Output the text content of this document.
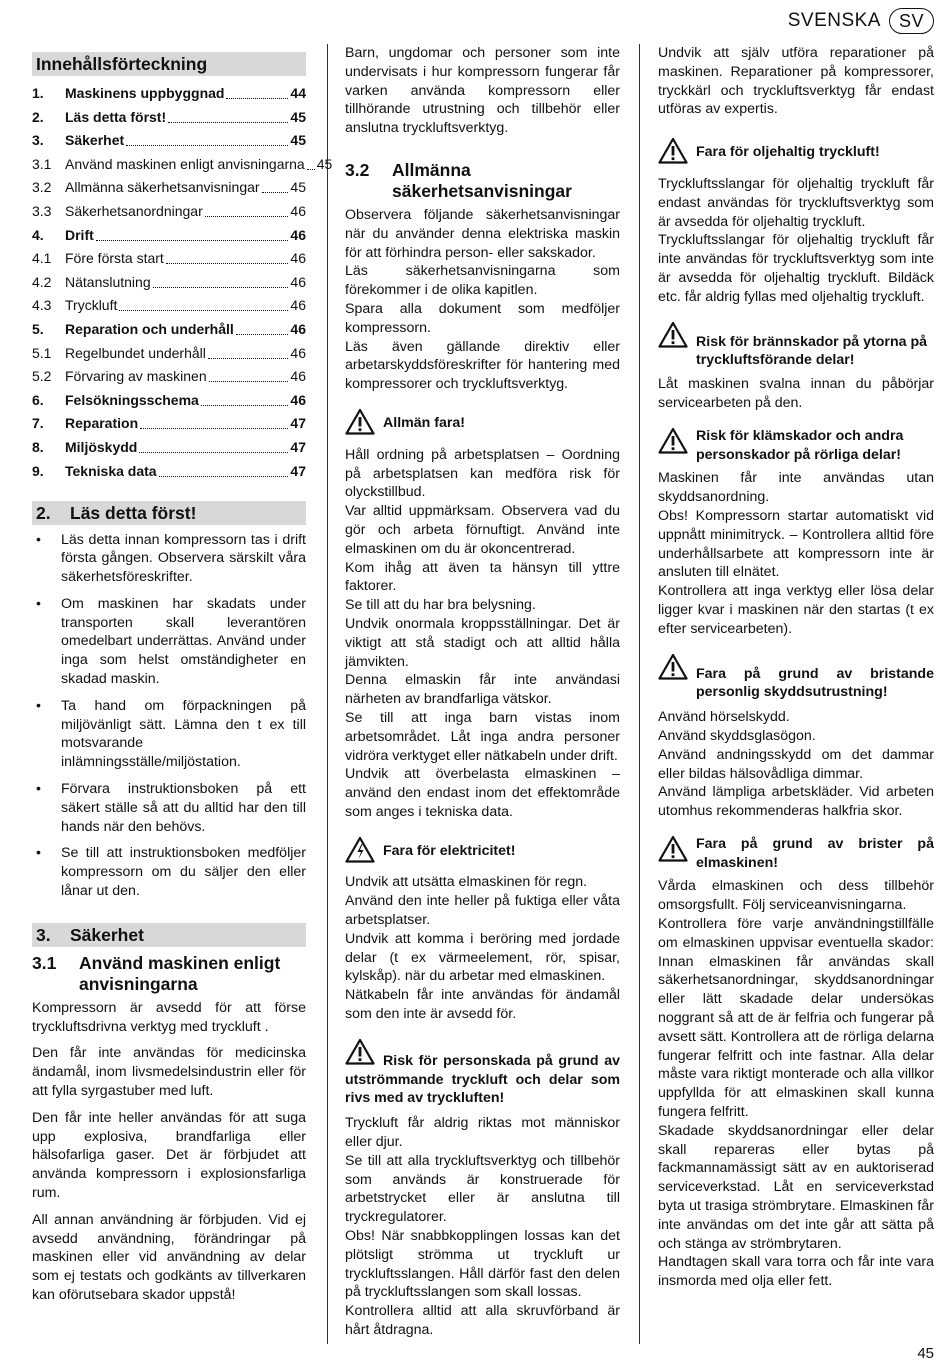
SVENSKA	SV
Innehållsförteckning
1.	Maskinens uppbyggnad	44
2.	Läs detta först!	45
3.	Säkerhet	45
3.1 Använd maskinen enligt anvisningarna 45
3.2 Allmänna säkerhetsanvisningar 45
3.3 Säkerhetsanordningar	46
4.	Drift	46
4.1 Före första start	46
4.2 Nätanslutning	46
4.3 Tryckluft	46
5.	Reparation och underhåll	46
5.1 Regelbundet underhåll	46
5.2 Förvaring av maskinen	46
6.	Felsökningsschema	46
7.	Reparation	47
8.	Miljöskydd	47
9.	Tekniska data	47
2. Läs detta först!
• Läs detta innan kompressorn tas i drift första gången. Observera särskilt våra säkerhetsföreskrifter.
• Om maskinen har skadats under transporten skall leverantören omedelbart underrättas. Använd under inga som helst omständigheter en skadad maskin.
• Ta hand om förpackningen på miljövänligt sätt. Lämna den t ex till motsvarande inlämningsställe/miljöstation.
• Förvara instruktionsboken på ett säkert ställe så att du alltid har den till hands när den behövs.
• Se till att instruktionsboken medföljer kompressorn om du säljer den eller lånar ut den.
3. Säkerhet
3.1	Använd maskinen enligt anvisningarna

Kompressorn är avsedd för att förse tryckluftsdrivna verktyg med tryckluft .

Den får inte användas för medicinska ändamål, inom livsmedelsindustrin eller för att fylla syrgastuber med luft.

Den får inte heller användas för att suga upp explosiva, brandfarliga eller hälsofarliga gaser. Det är förbjudet att använda kompressorn i explosionsfarliga rum.

All annan användning är förbjuden. Vid ej avsedd användning, förändringar på maskinen eller vid användning av delar som ej testats och godkänts av tillverkaren kan oförutsebara skador uppstå!

Barn, ungdomar och personer som inte undervisats i hur kompressorn fungerar får varken använda kompressorn eller tillhörande utrustning och tillbehör eller anslutna tryckluftsverktyg.

3.2	Allmänna säkerhetsanvisningar

Observera följande säkerhetsanvisningar när du använder denna elektriska maskin för att förhindra person- eller sakskador.

Läs säkerhetsanvisningarna som förekommer i de olika kapitlen.

Spara alla dokument som medföljer kompressorn.

Läs även gällande direktiv eller arbetarskyddsföreskrifter för hantering med kompressorer och tryckluftsverktyg.

Allmän fara!

Håll ordning på arbetsplatsen – Oordning på arbetsplatsen kan medföra risk för olyckstillbud.

Var alltid uppmärksam. Observera vad du gör och arbeta förnuftigt. Använd inte elmaskinen om du är okoncentrerad.

Kom ihåg att även ta hänsyn till yttre faktorer.

Se till att du har bra belysning.

Undvik onormala kroppsställningar. Det är viktigt att stå stadigt och att alltid hålla jämvikten.

Denna elmaskin får inte användasi närheten av brandfarliga vätskor.

Se till att inga barn vistas inom arbetsområdet. Låt inga andra personer vidröra verktyget eller nätkabeln under drift.

Undvik att överbelasta elmaskinen – använd den endast inom det effektområde som anges i tekniska data.

Fara för elektricitet!

Undvik att utsätta elmaskinen för regn.

Använd den inte heller på fuktiga eller våta arbetsplatser.

Undvik att komma i beröring med jordade delar (t ex värmeelement, rör, spisar, kylskåp). när du arbetar med elmaskinen.

Nätkabeln får inte användas för ändamål som den inte är avsedd för.

Risk för personskada på grund av utströmmande tryckluft och delar som rivs med av tryckluften!

Tryckluft får aldrig riktas mot människor eller djur.

Se till att alla tryckluftsverktyg och tillbehör som används är konstruerade för arbetstrycket eller är anslutna till tryckregulatorer.

Obs! När snabbkopplingen lossas kan det plötsligt strömma ut tryckluft ur tryckluftsslangen. Håll därför fast den delen på tryckluftsslangen som skall lossas.

Kontrollera alltid att alla skruvförband är hårt åtdragna.

Undvik att själv utföra reparationer på maskinen. Reparationer på kompressorer, tryckkärl och tryckluftsverktyg får endast utföras av expertis.

Fara för oljehaltig tryckluft!

Tryckluftsslangar för oljehaltig tryckluft får endast användas för tryckluftsverktyg som är avsedda för oljehaltig tryckluft.

Tryckluftsslangar för oljehaltig tryckluft får inte användas för tryckluftsverktyg som inte är avsedda för oljehaltig tryckluft. Bildäck etc. får aldrig fyllas med oljehaltig tryckluft.

Risk för brännskador på ytorna på tryckluftsförande delar!

Låt maskinen svalna innan du påbörjar servicearbeten på den.

Risk för klämskador och andra personskador på rörliga delar!

Maskinen får inte användas utan skyddsanordning.

Obs! Kompressorn startar automatiskt vid uppnått minimitryck. – Kontrollera alltid före underhållsarbete att kompressorn inte är ansluten till elnätet.

Kontrollera att inga verktyg eller lösa delar ligger kvar i maskinen när den startas (t ex efter servicearbeten).

Fara på grund av bristande personlig skyddsutrustning!

Använd hörselskydd.

Använd skyddsglasögon.

Använd andningsskydd om det dammar eller bildas hälsovådliga dimmar.

Använd lämpliga arbetskläder. Vid arbeten utomhus rekommenderas halkfria skor.

Fara på grund av brister på elmaskinen!

Vårda elmaskinen och dess tillbehör omsorgsfullt. Följ serviceanvisningarna.

Kontrollera före varje användningstillfälle om elmaskinen uppvisar eventuella skador: Innan elmaskinen får användas skall säkerhetsanordningar, skyddsanordningar eller lätt skadade delar undersökas noggrant så att de är felfria och fungerar på avsett sätt. Kontrollera att de rörliga delarna fungerar felfritt och inte fastnar. Alla delar måste vara riktigt monterade och alla villkor uppfyllda för att elmaskinen skall kunna fungera felfritt.

Skadade skyddsanordningar eller delar skall repareras eller bytas på fackmannamässigt sätt av en auktoriserad serviceverkstad. Låt en serviceverkstad byta ut trasiga strömbrytare. Elmaskinen får inte användas om det inte går att sätta på och stänga av strömbrytaren.

Handtagen skall vara torra och får inte vara insmorda med olja eller fett.

45
